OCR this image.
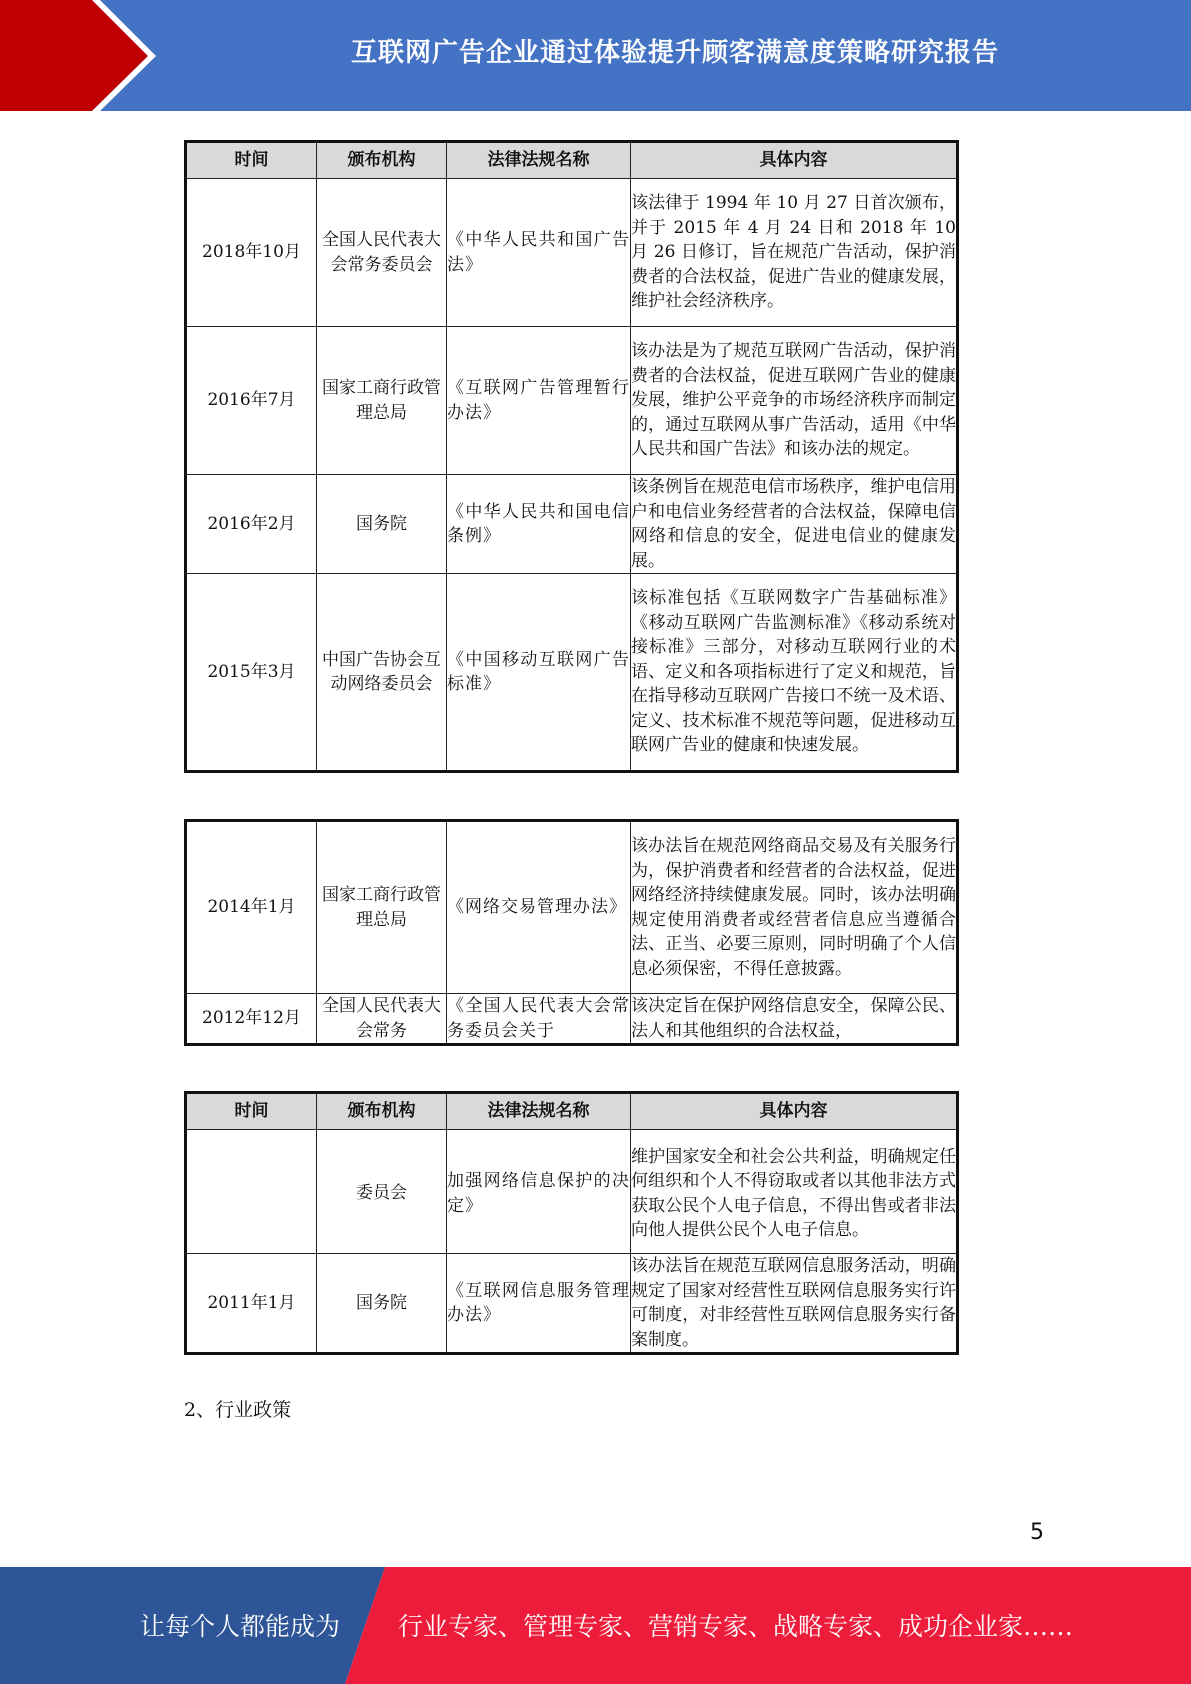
互联网广告企业通过体验提升顾客满意度策略研究报告
时间	颁布机构	法律法规名称	具体内容
2018年10月	全国人民代表大会常务委员会	《中华人民共和国广告法》	该法律于 1994 年 10 月 27 日首次颁布，并于 2015 年 4 月 24 日和 2018 年 10 月 26 日修订，旨在规范广告活动，保护消费者的合法权益，促进广告业的健康发展，维护社会经济秩序。
2016年7月	国家工商行政管理总局	《互联网广告管理暂行办法》	该办法是为了规范互联网广告活动，保护消费者的合法权益，促进互联网广告业的健康发展，维护公平竞争的市场经济秩序而制定的，通过互联网从事广告活动，适用《中华人民共和国广告法》和该办法的规定。
2016年2月	国务院	《中华人民共和国电信条例》	该条例旨在规范电信市场秩序，维护电信用户和电信业务经营者的合法权益，保障电信网络和信息的安全，促进电信业的健康发展。
2015年3月	中国广告协会互动网络委员会	《中国移动互联网广告标准》	该标准包括《互联网数字广告基础标准》《移动互联网广告监测标准》《移动系统对接标准》三部分，对移动互联网行业的术语、定义和各项指标进行了定义和规范，旨在指导移动互联网广告接口不统一及术语、定义、技术标准不规范等问题，促进移动互联网广告业的健康和快速发展。
2014年1月	国家工商行政管理总局	《网络交易管理办法》	该办法旨在规范网络商品交易及有关服务行为，保护消费者和经营者的合法权益，促进网络经济持续健康发展。同时，该办法明确规定使用消费者或经营者信息应当遵循合法、正当、必要三原则，同时明确了个人信息必须保密，不得任意披露。
2012年12月	全国人民代表大会常务	《全国人民代表大会常务委员会关于	该决定旨在保护网络信息安全，保障公民、法人和其他组织的合法权益，
时间	颁布机构	法律法规名称	具体内容
	委员会	加强网络信息保护的决定》	维护国家安全和社会公共利益，明确规定任何组织和个人不得窃取或者以其他非法方式获取公民个人电子信息，不得出售或者非法向他人提供公民个人电子信息。
2011年1月	国务院	《互联网信息服务管理办法》	该办法旨在规范互联网信息服务活动，明确规定了国家对经营性互联网信息服务实行许可制度，对非经营性互联网信息服务实行备案制度。
2、行业政策
5
让每个人都能成为 行业专家、管理专家、营销专家、战略专家、成功企业家……
